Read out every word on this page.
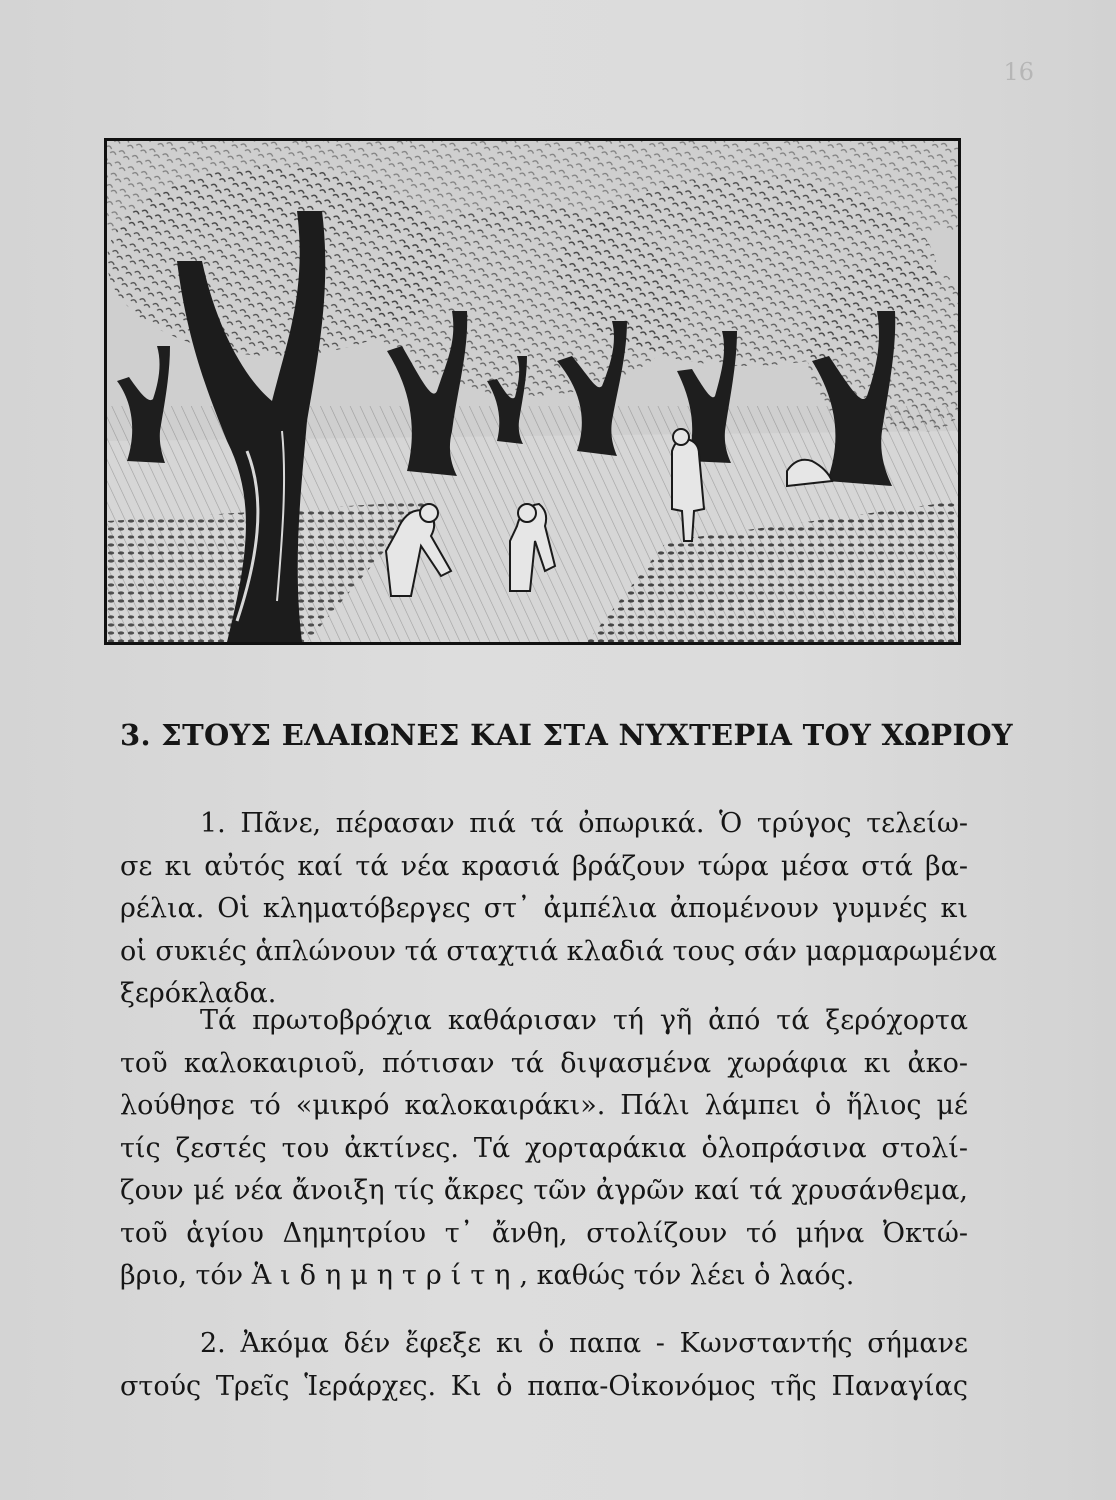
16
3. ΣΤΟΥΣ ΕΛΑΙΩΝΕΣ ΚΑΙ ΣΤΑ ΝΥΧΤΕΡΙΑ ΤΟΥ ΧΩΡΙΟΥ
1. Πᾶνε, πέρασαν πιά τά ὀπωρικά. Ὁ τρύγος τελείω-
σε κι αὐτός καί τά νέα κρασιά βράζουν τώρα μέσα στά βα-
ρέλια. Οἱ κληματόβεργες στ᾽ ἀμπέλια ἀπομένουν γυμνές κι
οἱ συκιές ἁπλώνουν τά σταχτιά κλαδιά τους σάν μαρμαρωμένα
ξερόκλαδα.
Τά πρωτοβρόχια καθάρισαν τή γῆ ἀπό τά ξερόχορτα
τοῦ καλοκαιριοῦ, πότισαν τά διψασμένα χωράφια κι ἀκο-
λούθησε τό «μικρό καλοκαιράκι». Πάλι λάμπει ὁ ἥλιος μέ
τίς ζεστές του ἀκτίνες. Τά χορταράκια ὁλοπράσινα στολί-
ζουν μέ νέα ἄνοιξη τίς ἄκρες τῶν ἀγρῶν καί τά χρυσάνθεμα,
τοῦ ἁγίου Δημητρίου τ᾽ ἄνθη, στολίζουν τό μήνα Ὀκτώ-
βριο, τόν Ἁιδημητρίτη, καθώς τόν λέει ὁ λαός.
2. Ἀκόμα δέν ἔφεξε κι ὁ παπα - Κωνσταντής σήμανε
στούς Τρεῖς Ἱεράρχες. Κι ὁ παπα-Οἰκονόμος τῆς Παναγίας
